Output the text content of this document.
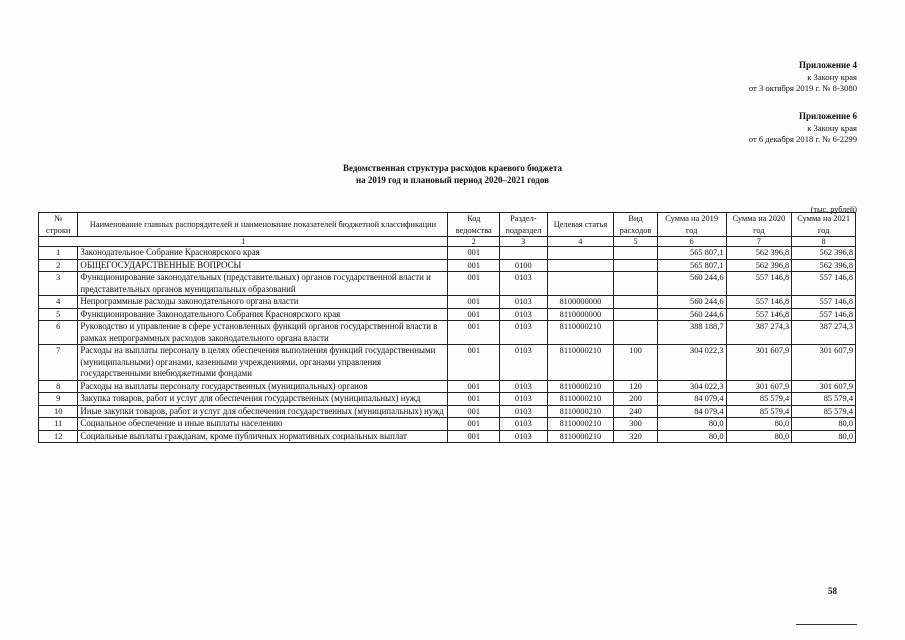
Приложение 4
к Закону края
от 3 октября 2019 г. № 8-3080
Приложение 6
к Закону края
от 6 декабря 2018 г. № 6-2299
Ведомственная структура расходов краевого бюджета
на 2019 год и плановый период 2020–2021 годов
(тыс. рублей)
№ строки	Наименование главных распорядителей и наименование показателей бюджетной классификации	Код ведомства	Раздел- подраздел	Целевая статья	Вид расходов	Сумма на 2019 год	Сумма на 2020 год	Сумма на 2021 год
1		2	3	4	5	6	7	8
1	Законодательное Собрание Красноярского края	001				565 807,1	562 396,8	562 396,8
2	ОБЩЕГОСУДАРСТВЕННЫЕ ВОПРОСЫ	001	0100			565 807,1	562 396,8	562 396,8
3	Функционирование законодательных (представительных) органов государственной власти и представительных органов муниципальных образований	001	0103			560 244,6	557 146,8	557 146,8
4	Непрограммные расходы законодательного органа власти	001	0103	8100000000		560 244,6	557 146,8	557 146,8
5	Функционирование Законодательного Собрания Красноярского края	001	0103	8110000000		560 244,6	557 146,8	557 146,8
6	Руководство и управление в сфере установленных функций органов государственной власти в рамках непрограммных расходов законодательного органа власти	001	0103	8110000210		388 188,7	387 274,3	387 274,3
7	Расходы на выплаты персоналу в целях обеспечения выполнения функций государственными (муниципальными) органами, казенными учреждениями, органами управления государственными внебюджетными фондами	001	0103	8110000210	100	304 022,3	301 607,9	301 607,9
8	Расходы на выплаты персоналу государственных (муниципальных) органов	001	0103	8110000210	120	304 022,3	301 607,9	301 607,9
9	Закупка товаров, работ и услуг для обеспечения государственных (муниципальных) нужд	001	0103	8110000210	200	84 079,4	85 579,4	85 579,4
10	Иные закупки товаров, работ и услуг для обеспечения государственных (муниципальных) нужд	001	0103	8110000210	240	84 079,4	85 579,4	85 579,4
11	Социальное обеспечение и иные выплаты населению	001	0103	8110000210	300	80,0	80,0	80,0
12	Социальные выплаты гражданам, кроме публичных нормативных социальных выплат	001	0103	8110000210	320	80,0	80,0	80,0
58
